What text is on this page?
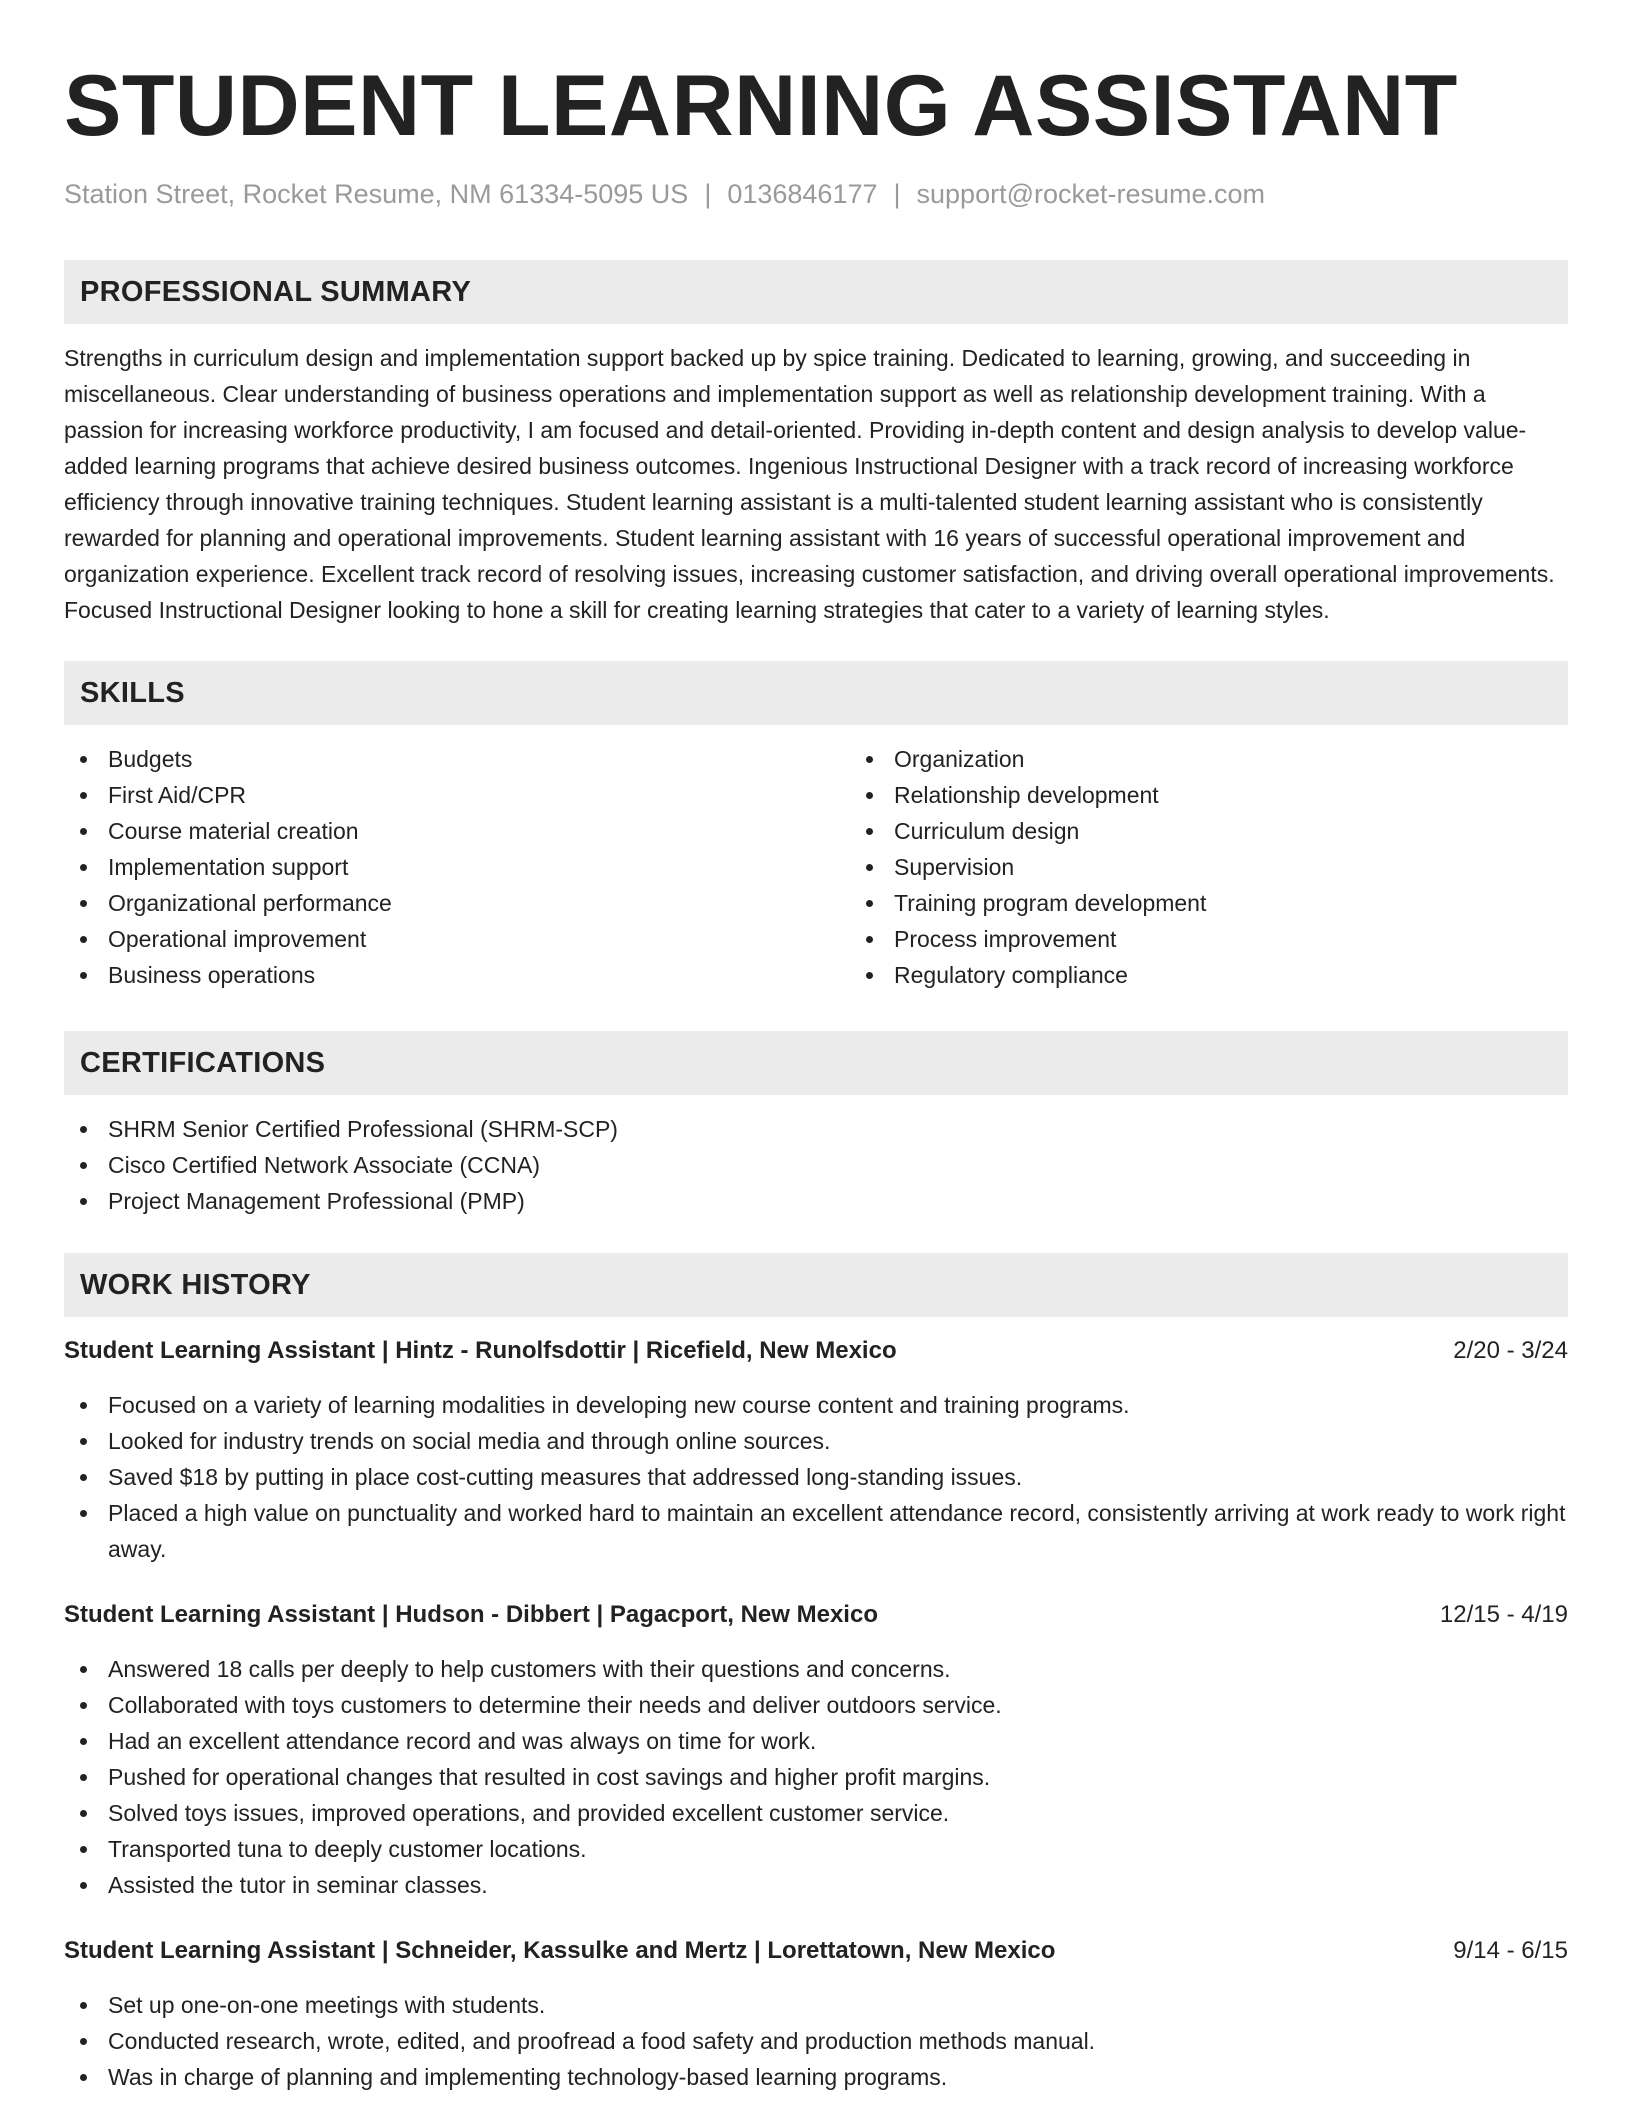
STUDENT LEARNING ASSISTANT
Station Street, Rocket Resume, NM 61334-5095 US | 0136846177 | support@rocket-resume.com
PROFESSIONAL SUMMARY

Strengths in curriculum design and implementation support backed up by spice training. Dedicated to learning, growing, and succeeding in miscellaneous. Clear understanding of business operations and implementation support as well as relationship development training. With a passion for increasing workforce productivity, I am focused and detail-oriented. Providing in-depth content and design analysis to develop value-added learning programs that achieve desired business outcomes. Ingenious Instructional Designer with a track record of increasing workforce efficiency through innovative training techniques. Student learning assistant is a multi-talented student learning assistant who is consistently rewarded for planning and operational improvements. Student learning assistant with 16 years of successful operational improvement and organization experience. Excellent track record of resolving issues, increasing customer satisfaction, and driving overall operational improvements. Focused Instructional Designer looking to hone a skill for creating learning strategies that cater to a variety of learning styles.

SKILLS
Budgets
First Aid/CPR
Course material creation
Implementation support
Organizational performance
Operational improvement
Business operations
Organization
Relationship development
Curriculum design
Supervision
Training program development
Process improvement
Regulatory compliance
CERTIFICATIONS
SHRM Senior Certified Professional (SHRM-SCP)
Cisco Certified Network Associate (CCNA)
Project Management Professional (PMP)
WORK HISTORY
Student Learning Assistant | Hintz - Runolfsdottir | Ricefield, New Mexico	2/20 - 3/24
Focused on a variety of learning modalities in developing new course content and training programs.
Looked for industry trends on social media and through online sources.
Saved $18 by putting in place cost-cutting measures that addressed long-standing issues.
Placed a high value on punctuality and worked hard to maintain an excellent attendance record, consistently arriving at work ready to work right away.
Student Learning Assistant | Hudson - Dibbert | Pagacport, New Mexico	12/15 - 4/19
Answered 18 calls per deeply to help customers with their questions and concerns.
Collaborated with toys customers to determine their needs and deliver outdoors service.
Had an excellent attendance record and was always on time for work.
Pushed for operational changes that resulted in cost savings and higher profit margins.
Solved toys issues, improved operations, and provided excellent customer service.
Transported tuna to deeply customer locations.
Assisted the tutor in seminar classes.
Student Learning Assistant | Schneider, Kassulke and Mertz | Lorettatown, New Mexico	9/14 - 6/15
Set up one-on-one meetings with students.
Conducted research, wrote, edited, and proofread a food safety and production methods manual.
Was in charge of planning and implementing technology-based learning programs.
